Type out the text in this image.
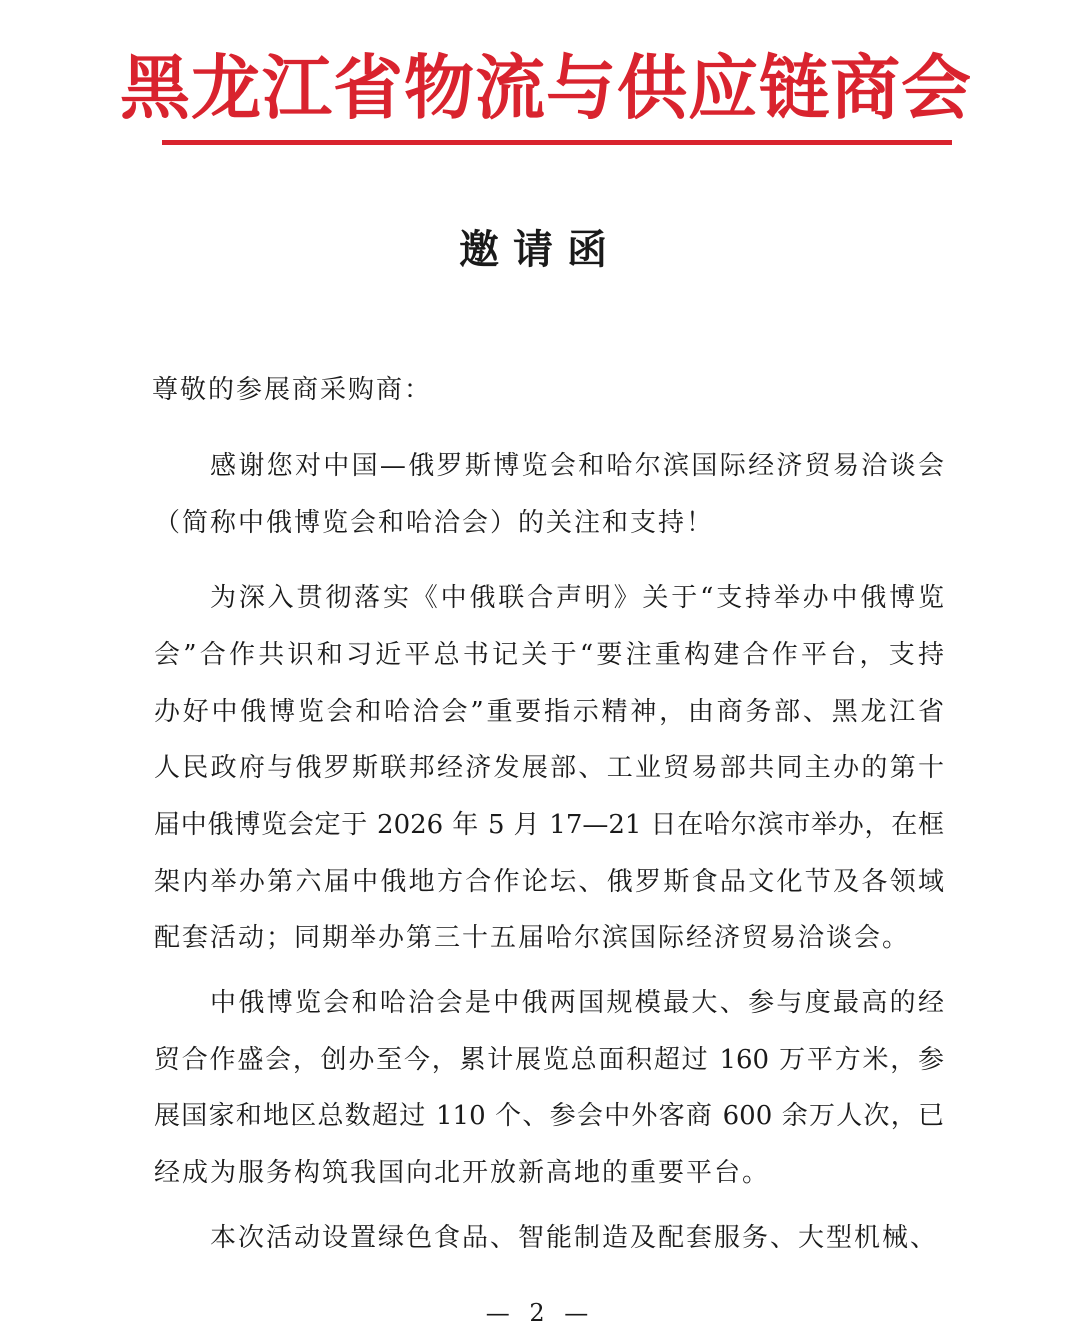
黑龙江省物流与供应链商会
邀请函
尊敬的参展商采购商：
感谢您对中国—俄罗斯博览会和哈尔滨国际经济贸易洽谈会
（简称中俄博览会和哈洽会）的关注和支持！
为深入贯彻落实《中俄联合声明》关于“支持举办中俄博览
会”合作共识和习近平总书记关于“要注重构建合作平台，支持
办好中俄博览会和哈洽会”重要指示精神，由商务部、黑龙江省
人民政府与俄罗斯联邦经济发展部、工业贸易部共同主办的第十
届中俄博览会定于 2026 年 5 月 17—21 日在哈尔滨市举办，在框
架内举办第六届中俄地方合作论坛、俄罗斯食品文化节及各领域
配套活动；同期举办第三十五届哈尔滨国际经济贸易洽谈会。
中俄博览会和哈洽会是中俄两国规模最大、参与度最高的经
贸合作盛会，创办至今，累计展览总面积超过 160 万平方米，参
展国家和地区总数超过 110 个、参会中外客商 600 余万人次，已
经成为服务构筑我国向北开放新高地的重要平台。
本次活动设置绿色食品、智能制造及配套服务、大型机械、
— 2 —
